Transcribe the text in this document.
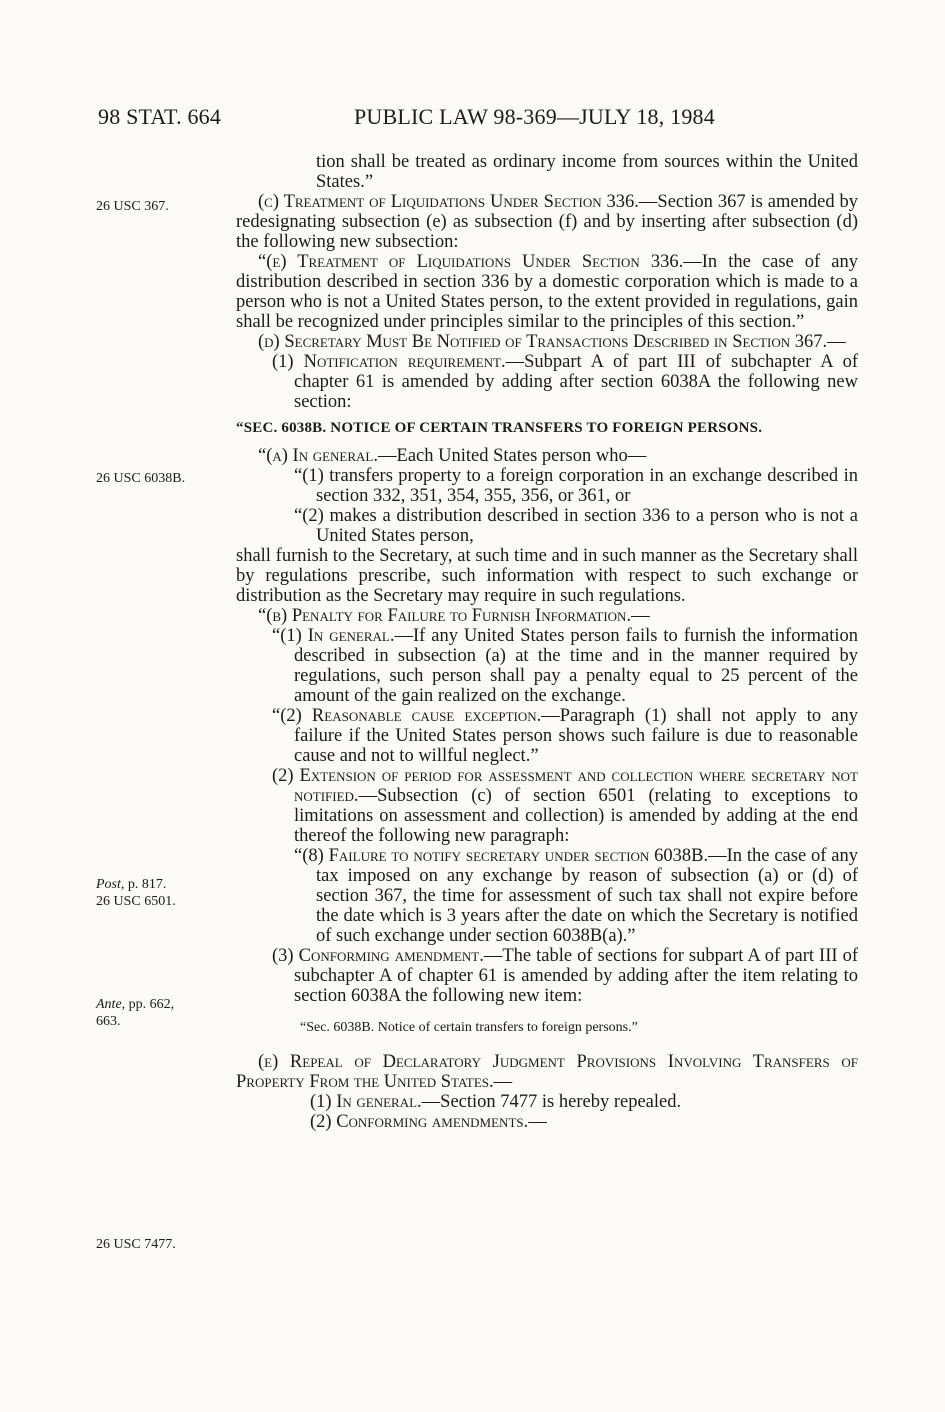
98 STAT. 664	PUBLIC LAW 98-369—JULY 18, 1984
26 USC 367.
26 USC 6038B.
Post, p. 817.
26 USC 6501.
Ante, pp. 662,
663.
26 USC 7477.

tion shall be treated as ordinary income from sources within the United States.”

(c) Treatment of Liquidations Under Section 336.—Section 367 is amended by redesignating subsection (e) as subsection (f) and by inserting after subsection (d) the following new subsection:

“(e) Treatment of Liquidations Under Section 336.—In the case of any distribution described in section 336 by a domestic corporation which is made to a person who is not a United States person, to the extent provided in regulations, gain shall be recognized under principles similar to the principles of this section.”

(d) Secretary Must Be Notified of Transactions Described in Section 367.—

(1) Notification requirement.—Subpart A of part III of subchapter A of chapter 61 is amended by adding after section 6038A the following new section:

“SEC. 6038B. NOTICE OF CERTAIN TRANSFERS TO FOREIGN PERSONS.

“(a) In general.—Each United States person who—

“(1) transfers property to a foreign corporation in an exchange described in section 332, 351, 354, 355, 356, or 361, or

“(2) makes a distribution described in section 336 to a person who is not a United States person,

shall furnish to the Secretary, at such time and in such manner as the Secretary shall by regulations prescribe, such information with respect to such exchange or distribution as the Secretary may require in such regulations.

“(b) Penalty for Failure to Furnish Information.—

“(1) In general.—If any United States person fails to furnish the information described in subsection (a) at the time and in the manner required by regulations, such person shall pay a penalty equal to 25 percent of the amount of the gain realized on the exchange.

“(2) Reasonable cause exception.—Paragraph (1) shall not apply to any failure if the United States person shows such failure is due to reasonable cause and not to willful neglect.”

(2) Extension of period for assessment and collection where secretary not notified.—Subsection (c) of section 6501 (relating to exceptions to limitations on assessment and collection) is amended by adding at the end thereof the following new paragraph:

“(8) Failure to notify secretary under section 6038B.—In the case of any tax imposed on any exchange by reason of subsection (a) or (d) of section 367, the time for assessment of such tax shall not expire before the date which is 3 years after the date on which the Secretary is notified of such exchange under section 6038B(a).”

(3) Conforming amendment.—The table of sections for subpart A of part III of subchapter A of chapter 61 is amended by adding after the item relating to section 6038A the following new item:

“Sec. 6038B. Notice of certain transfers to foreign persons.”

(e) Repeal of Declaratory Judgment Provisions Involving Transfers of Property From the United States.—

(1) In general.—Section 7477 is hereby repealed.

(2) Conforming amendments.—
